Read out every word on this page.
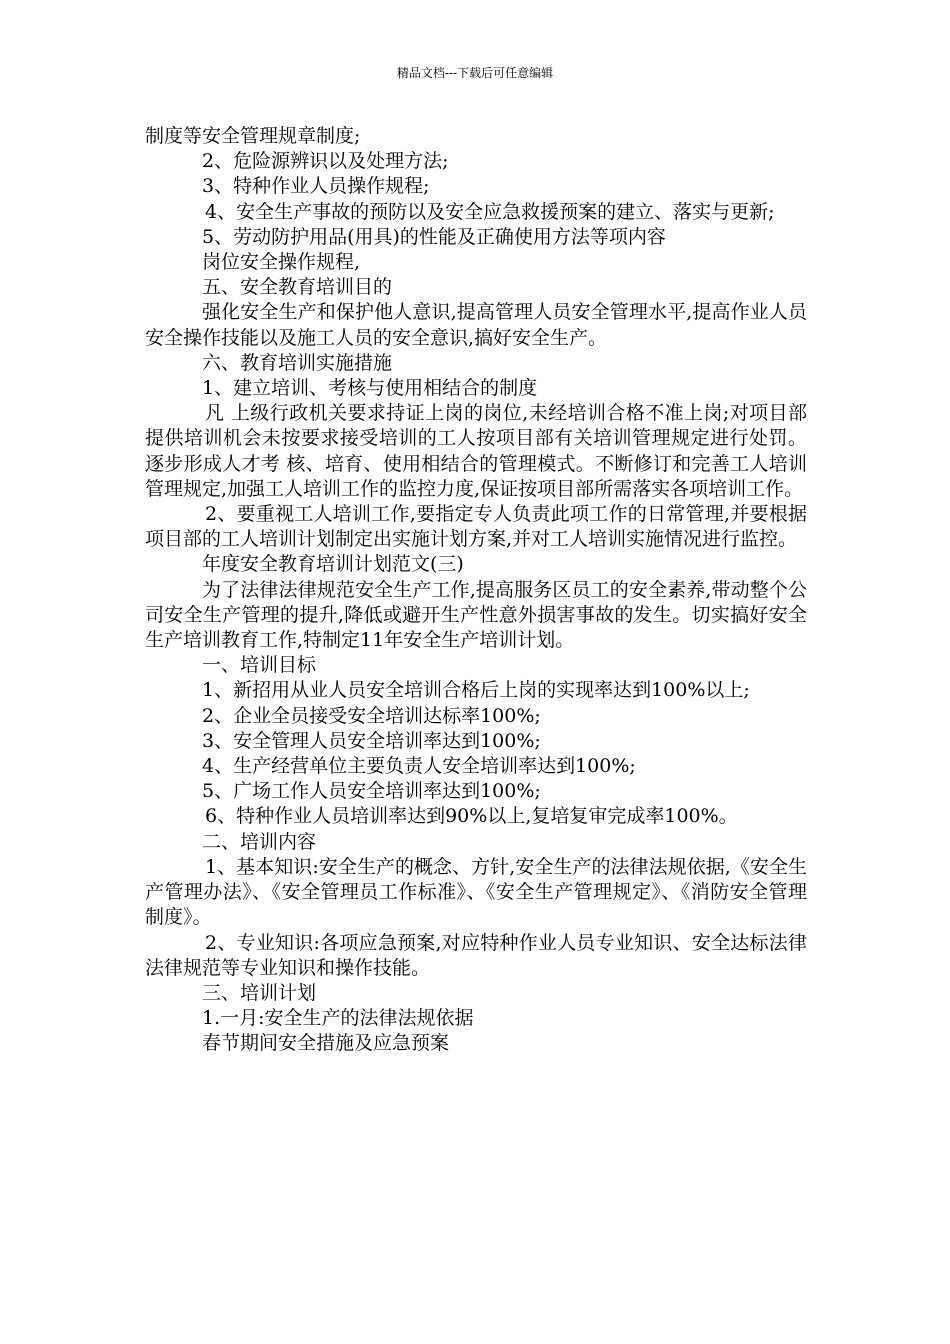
精品文档---下载后可任意编辑

制度等安全管理规章制度;

2、危险源辨识以及处理方法;

3、特种作业人员操作规程;

4、安全生产事故的预防以及安全应急救援预案的建立、落实与更新;

5、劳动防护用品(用具)的性能及正确使用方法等项内容

岗位安全操作规程,

五、安全教育培训目的

强化安全生产和保护他人意识,提高管理人员安全管理水平,提高作业人员安全操作技能以及施工人员的安全意识,搞好安全生产。

六、教育培训实施措施

1、建立培训、考核与使用相结合的制度

凡 上级行政机关要求持证上岗的岗位,未经培训合格不准上岗;对项目部提供培训机会未按要求接受培训的工人按项目部有关培训管理规定进行处罚。逐步形成人才考 核、培育、使用相结合的管理模式。不断修订和完善工人培训管理规定,加强工人培训工作的监控力度,保证按项目部所需落实各项培训工作。

2、要重视工人培训工作,要指定专人负责此项工作的日常管理,并要根据项目部的工人培训计划制定出实施计划方案,并对工人培训实施情况进行监控。

年度安全教育培训计划范文(三)

为了法律法律规范安全生产工作,提高服务区员工的安全素养,带动整个公司安全生产管理的提升,降低或避开生产性意外损害事故的发生。切实搞好安全生产培训教育工作,特制定11年安全生产培训计划。

一、培训目标

1、新招用从业人员安全培训合格后上岗的实现率达到100%以上;

2、企业全员接受安全培训达标率100%;

3、安全管理人员安全培训率达到100%;

4、生产经营单位主要负责人安全培训率达到100%;

5、广场工作人员安全培训率达到100%;

6、特种作业人员培训率达到90%以上,复培复审完成率100%。

二、培训内容

1、基本知识:安全生产的概念、方针,安全生产的法律法规依据,《安全生产管理办法》、《安全管理员工作标准》、《安全生产管理规定》、《消防安全管理制度》。

2、专业知识:各项应急预案,对应特种作业人员专业知识、安全达标法律法律规范等专业知识和操作技能。

三、培训计划

1.一月:安全生产的法律法规依据

春节期间安全措施及应急预案
